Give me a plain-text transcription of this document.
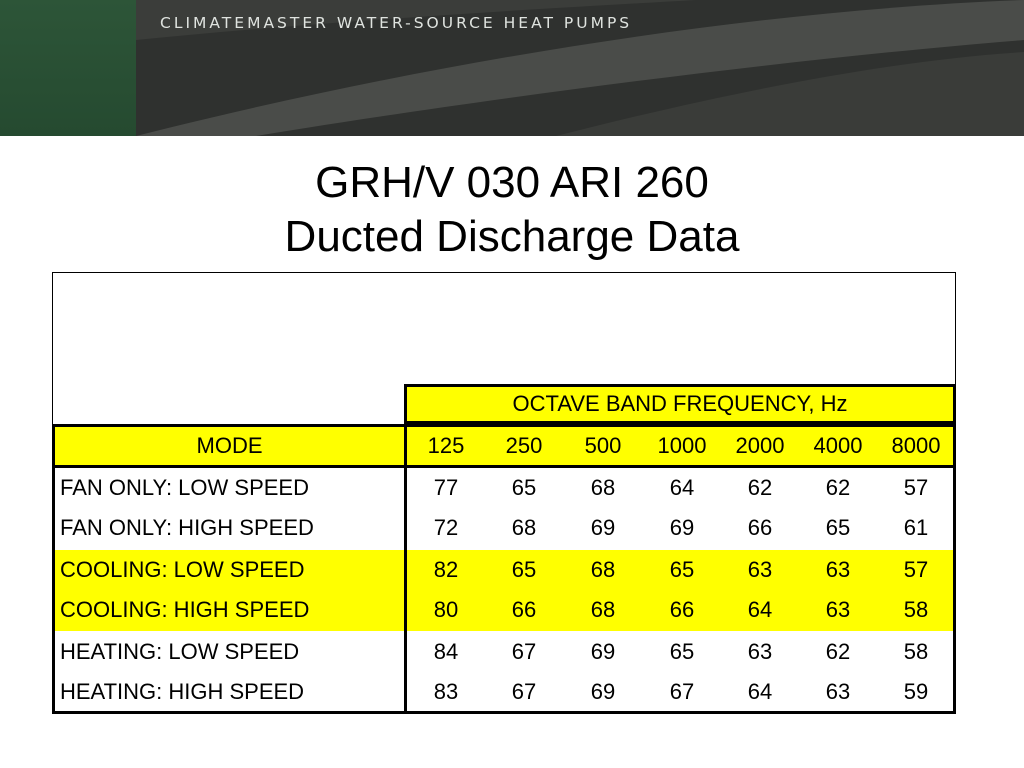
CLIMATEMASTER WATER-SOURCE HEAT PUMPS
GRH/V 030 ARI 260
Ducted Discharge Data
OCTAVE BAND FREQUENCY, Hz
MODE	125	250	500	1000	2000	4000	8000
FAN ONLY: LOW SPEED	77	65	68	64	62	62	57
FAN ONLY: HIGH SPEED	72	68	69	69	66	65	61
COOLING: LOW SPEED	82	65	68	65	63	63	57
COOLING: HIGH SPEED	80	66	68	66	64	63	58
HEATING: LOW SPEED	84	67	69	65	63	62	58
HEATING: HIGH SPEED	83	67	69	67	64	63	59
